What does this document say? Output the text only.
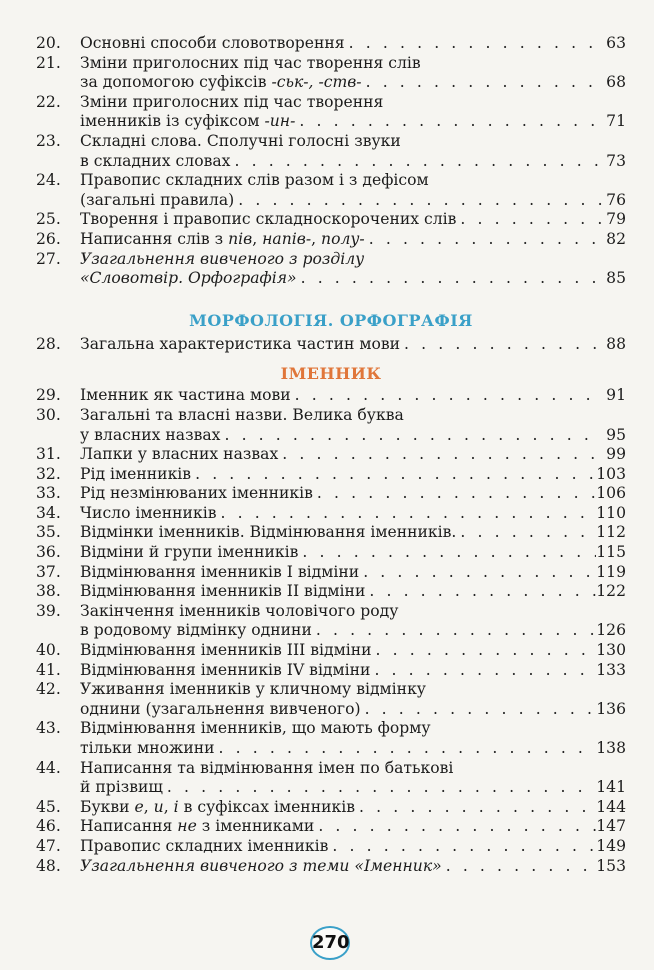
20.	Основні способи словотворення . . .	63
21.	Зміни приголосних під час творення слів
за допомогою суфіксів -ськ-, -ств- . . .	68
22.	Зміни приголосних під час творення
іменників із суфіксом -ин- . . .	71
23.	Складні слова. Сполучні голосні звуки
в складних словах . . .	73
24.	Правопис складних слів разом і з дефісом
(загальні правила) . . .	76
25.	Творення і правопис складноскорочених слів . . .	79
26.	Написання слів з пів, напів-, полу- . . .	82
27.	Узагальнення вивченого з розділу
«Словотвір. Орфографія» . . .	85
МОРФОЛОГІЯ. ОРФОГРАФІЯ
28.	Загальна характеристика частин мови . . .	88
ІМЕННИК
29.	Іменник як частина мови . . .	91
30.	Загальні та власні назви. Велика буква
у власних назвах . . .	95
31.	Лапки у власних назвах . . .	99
32.	Рід іменників . . .	103
33.	Рід незмінюваних іменників . . .	106
34.	Число іменників . . .	110
35.	Відмінки іменників. Відмінювання іменників. . . .	112
36.	Відміни й групи іменників . . .	115
37.	Відмінювання іменників І відміни . . .	119
38.	Відмінювання іменників ІІ відміни . . .	122
39.	Закінчення іменників чоловічого роду
в родовому відмінку однини . . .	126
40.	Відмінювання іменників ІІІ відміни . . .	130
41.	Відмінювання іменників IV відміни . . .	133
42.	Уживання іменників у кличному відмінку
однини (узагальнення вивченого) . . .	136
43.	Відмінювання іменників, що мають форму
тільки множини . . .	138
44.	Написання та відмінювання імен по батькові
й прізвищ . . .	141
45.	Букви е, и, і в суфіксах іменників . . .	144
46.	Написання не з іменниками . . .	147
47.	Правопис складних іменників . . .	149
48.	Узагальнення вивченого з теми «Іменник» . . .	153
270
